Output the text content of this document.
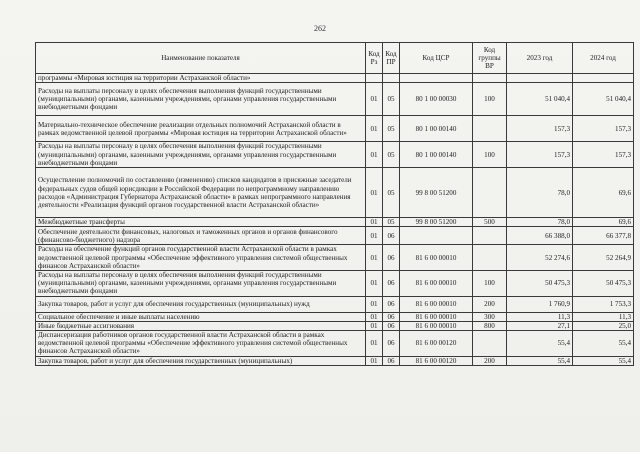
262
Наименование показателя	Код Рз	Код ПР	Код ЦСР	Код группы ВР	2023 год	2024 год
программы «Мировая юстиция на территории Астраханской области»						
Расходы на выплаты персоналу в целях обеспечения выполнения функций государственными (муниципальными) органами, казенными учреждениями, органами управления государственными внебюджетными фондами	01	05	80 1 00 00030	100	51 040,4	51 040,4
Материально-техническое обеспечение реализации отдельных полномочий Астраханской области в рамках ведомственной целевой программы «Мировая юстиция на территории Астраханской области»	01	05	80 1 00 00140		157,3	157,3
Расходы на выплаты персоналу в целях обеспечения выполнения функций государственными (муниципальными) органами, казенными учреждениями, органами управления государственными внебюджетными фондами	01	05	80 1 00 00140	100	157,3	157,3
Осуществление полномочий по составлению (изменению) списков кандидатов в присяжные заседатели федеральных судов общей юрисдикции в Российской Федерации по непрограммному направлению расходов «Администрация Губернатора Астраханской области» в рамках непрограммного направления деятельности «Реализация функций органов государственной власти Астраханской области»	01	05	99 8 00 51200		78,0	69,6
Межбюджетные трансферты	01	05	99 8 00 51200	500	78,0	69,6
Обеспечение деятельности финансовых, налоговых и таможенных органов и органов финансового (финансово-бюджетного) надзора	01	06			66 388,0	66 377,8
Расходы на обеспечение функций органов государственной власти Астраханской области в рамках ведомственной целевой программы «Обеспечение эффективного управления системой общественных финансов Астраханской области»	01	06	81 6 00 00010		52 274,6	52 264,9
Расходы на выплаты персоналу в целях обеспечения выполнения функций государственными (муниципальными) органами, казенными учреждениями, органами управления государственными внебюджетными фондами	01	06	81 6 00 00010	100	50 475,3	50 475,3
Закупка товаров, работ и услуг для обеспечения государственных (муниципальных) нужд	01	06	81 6 00 00010	200	1 760,9	1 753,3
Социальное обеспечение и иные выплаты населению	01	06	81 6 00 00010	300	11,3	11,3
Иные бюджетные ассигнования	01	06	81 6 00 00010	800	27,1	25,0
Диспансеризация работников органов государственной власти Астраханской области в рамках ведомственной целевой программы «Обеспечение эффективного управления системой общественных финансов Астраханской области»	01	06	81 6 00 00120		55,4	55,4
Закупка товаров, работ и услуг для обеспечения государственных (муниципальных)	01	06	81 6 00 00120	200	55,4	55,4
